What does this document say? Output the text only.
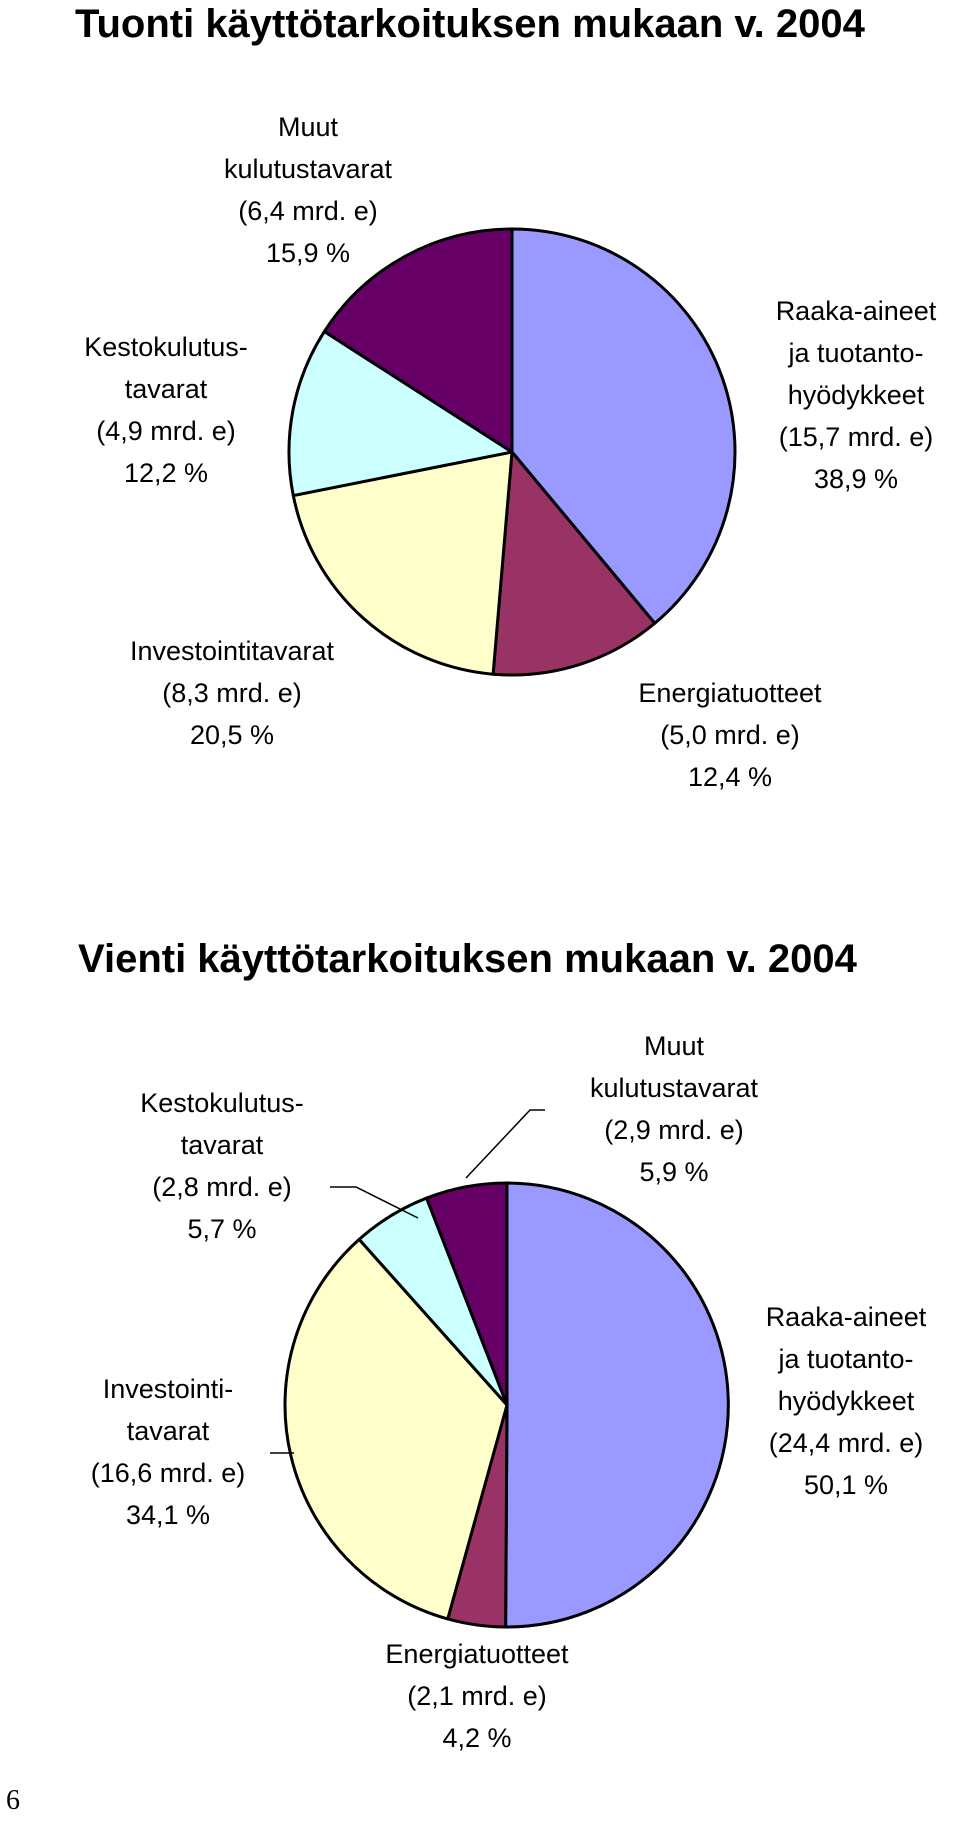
Tuonti käyttötarkoituksen mukaan v. 2004
Vienti käyttötarkoituksen mukaan v. 2004
Raaka-aineet ja tuotanto-hyödykkeet (15,7 mrd. e) 38,9 %
Energiatuotteet (5,0 mrd. e) 12,4 %
Investointitavarat (8,3 mrd. e) 20,5 %
Kestokulutus-tavarat (4,9 mrd. e) 12,2 %
Muut kulutustavarat (6,4 mrd. e) 15,9 %
Raaka-aineet ja tuotanto-hyödykkeet (24,4 mrd. e) 50,1 %
Energiatuotteet (2,1 mrd. e) 4,2 %
Investointi-tavarat (16,6 mrd. e) 34,1 %
Kestokulutus-tavarat (2,8 mrd. e) 5,7 %
Muut kulutustavarat (2,9 mrd. e) 5,9 %
6
